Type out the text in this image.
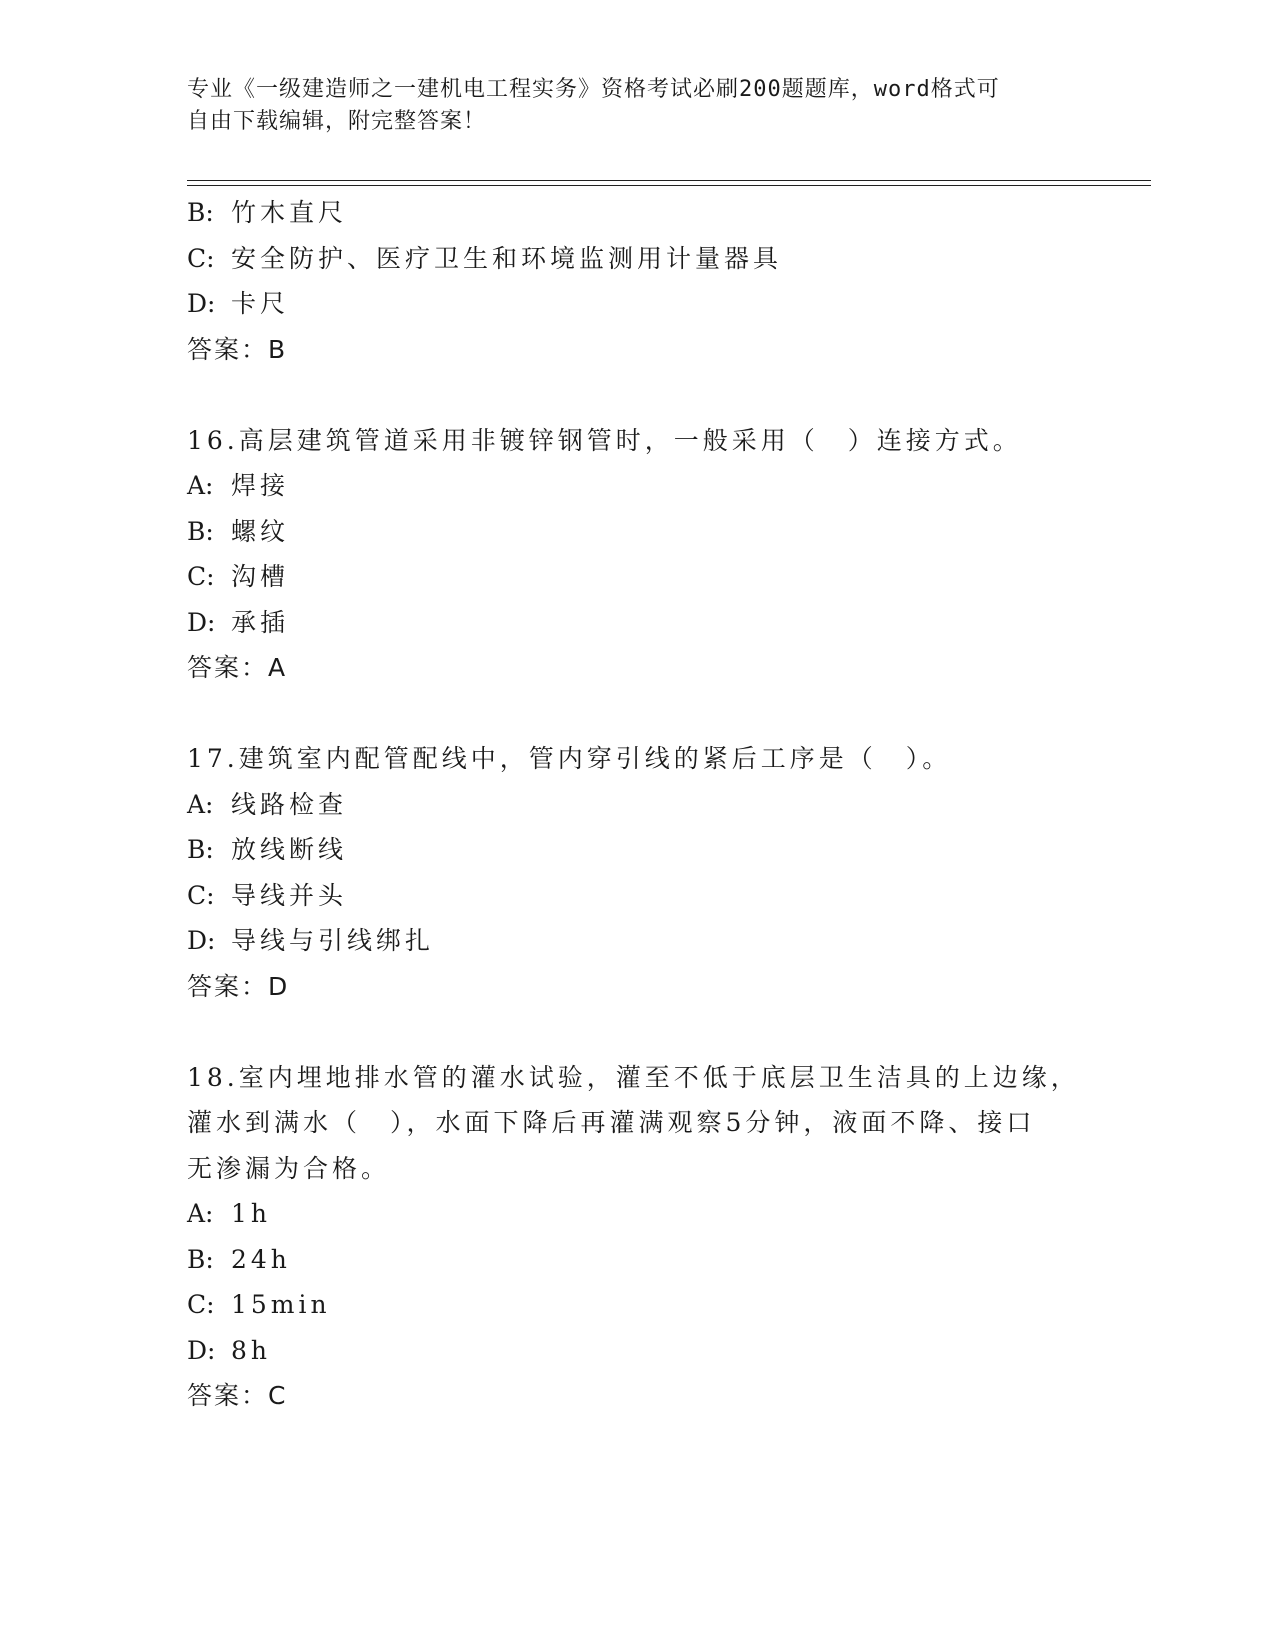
专业《一级建造师之一建机电工程实务》资格考试必刷200题题库，word格式可
自由下载编辑，附完整答案！
B: 竹木直尺
C: 安全防护、医疗卫生和环境监测用计量器具
D: 卡尺
答案：B
16.高层建筑管道采用非镀锌钢管时，一般采用（　）连接方式。
A: 焊接
B: 螺纹
C: 沟槽
D: 承插
答案：A
17.建筑室内配管配线中，管内穿引线的紧后工序是（　）。
A: 线路检查
B: 放线断线
C: 导线并头
D: 导线与引线绑扎
答案：D
18.室内埋地排水管的灌水试验，灌至不低于底层卫生洁具的上边缘，
灌水到满水（　），水面下降后再灌满观察5分钟，液面不降、接口
无渗漏为合格。
A: 1h
B: 24h
C: 15min
D: 8h
答案：C
